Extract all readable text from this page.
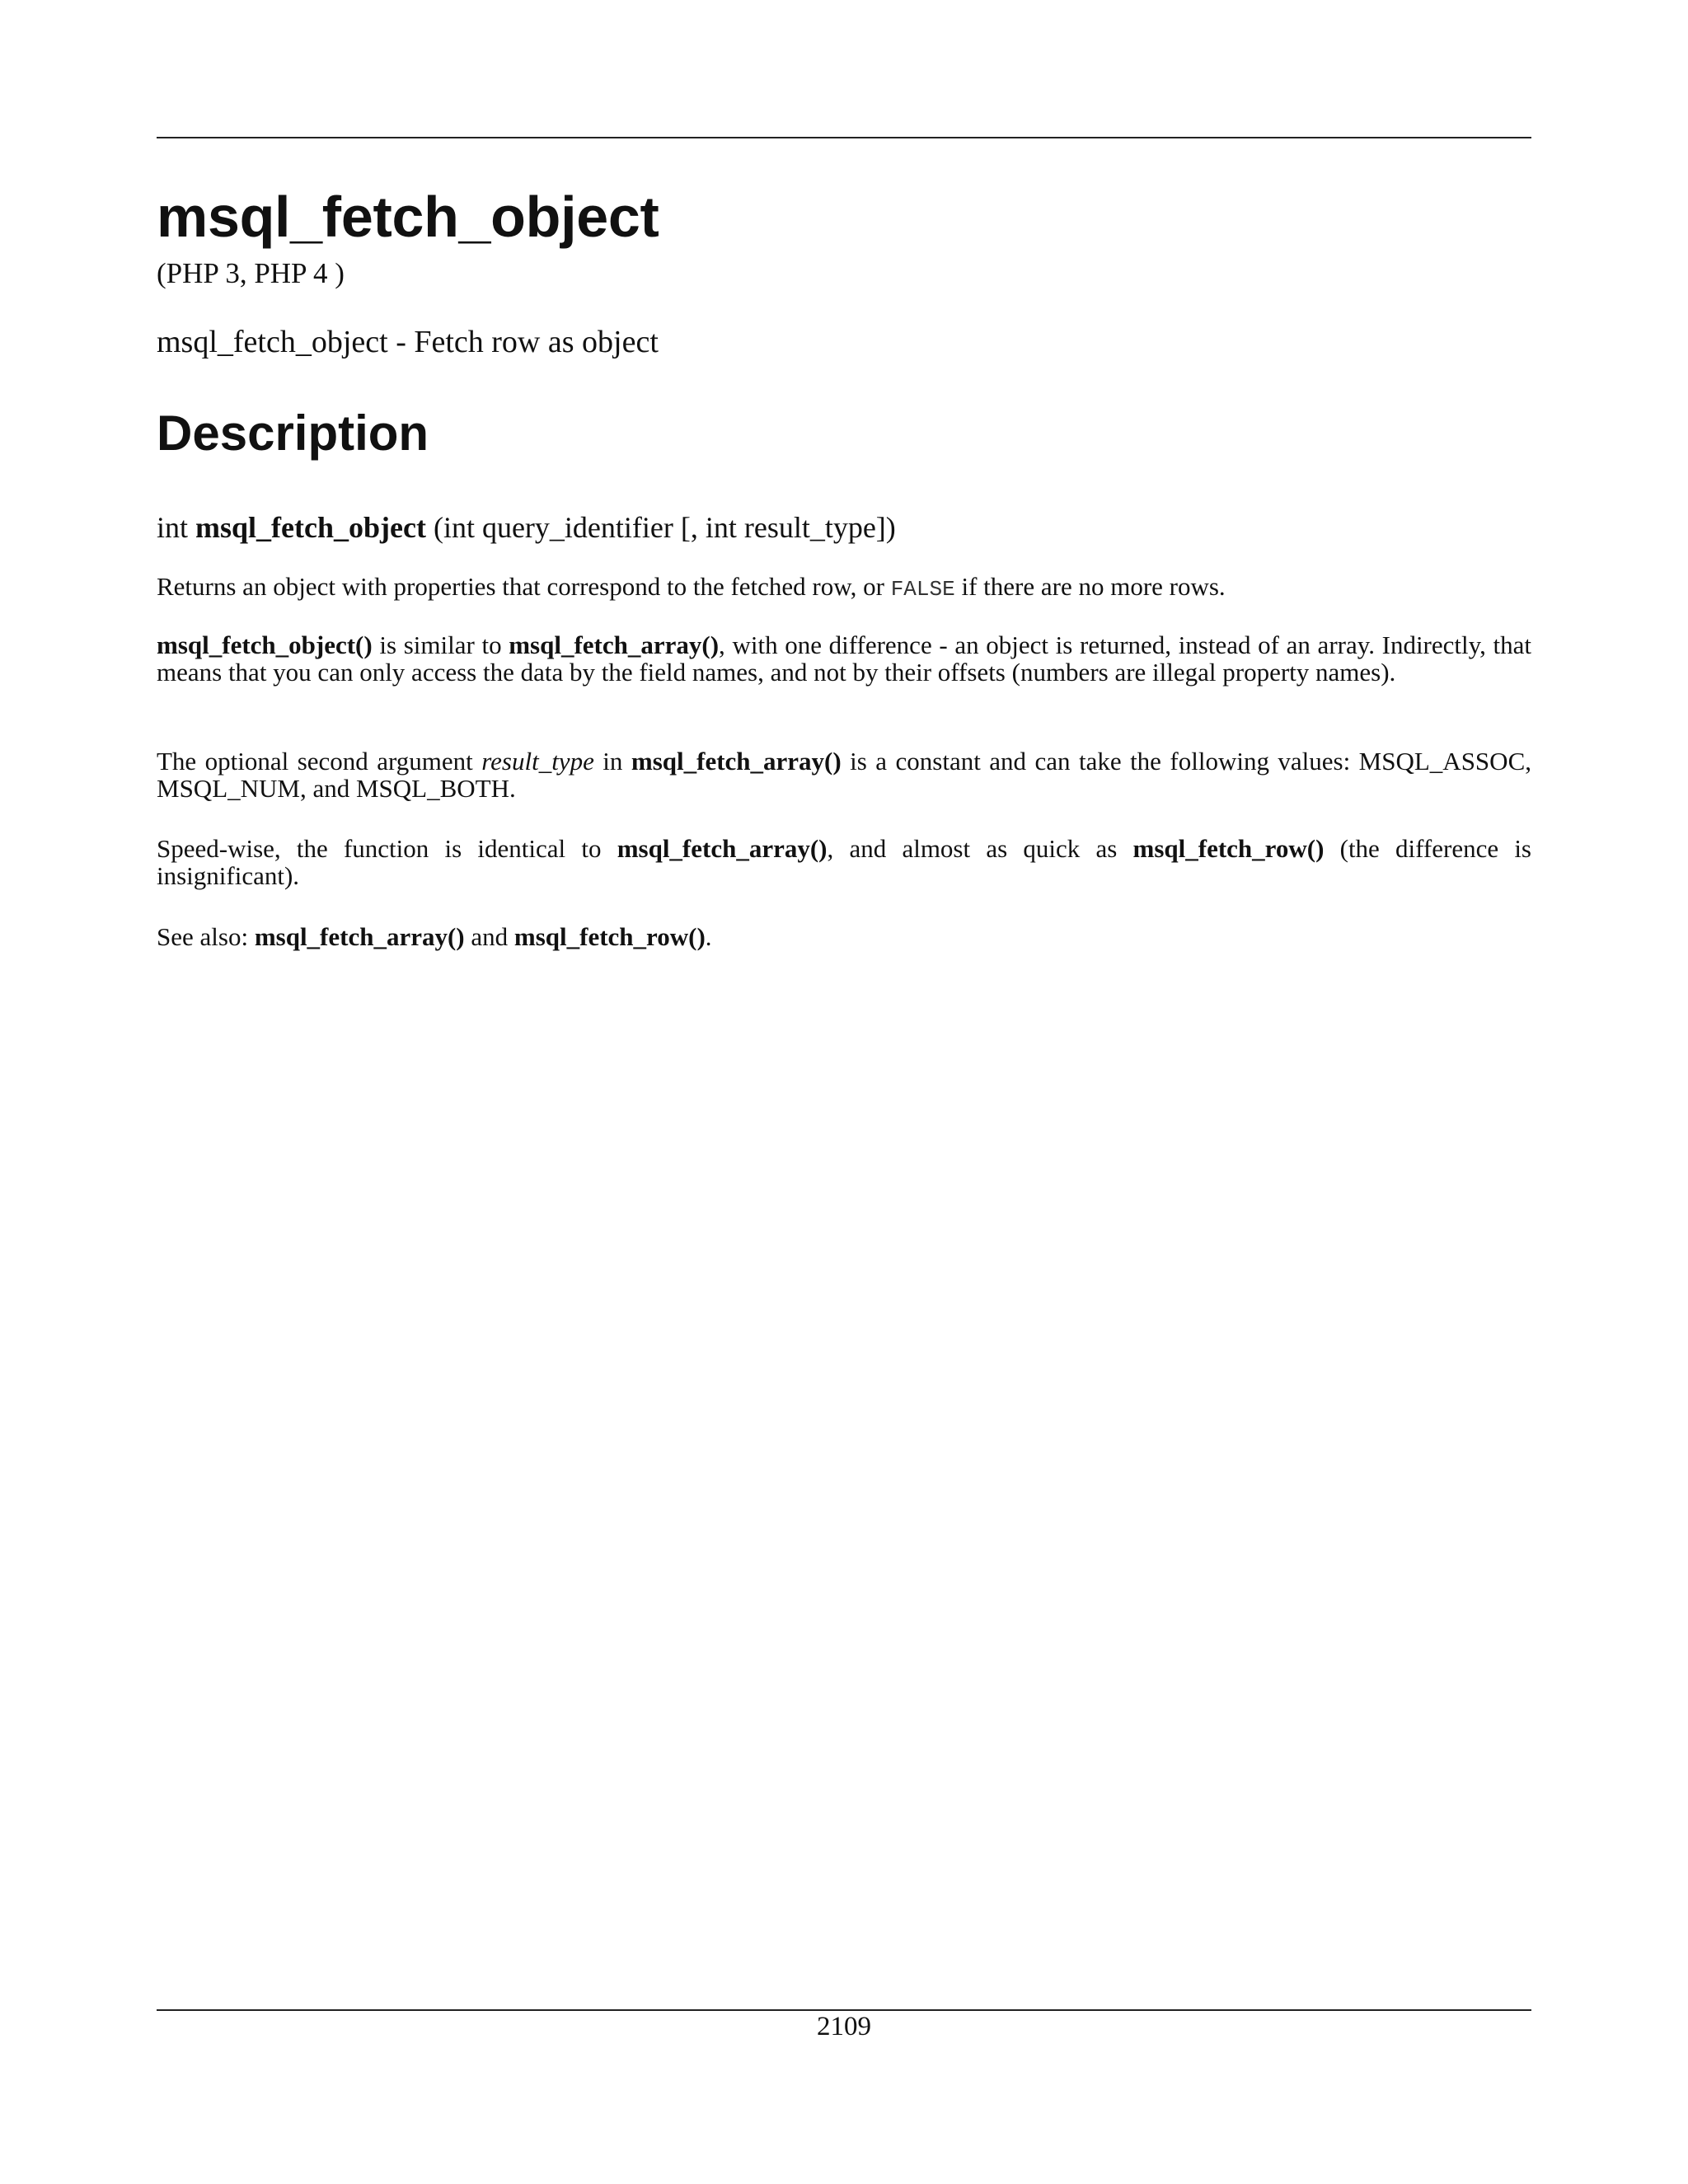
msql_fetch_object

(PHP 3, PHP 4 )

msql_fetch_object - Fetch row as object

Description

int msql_fetch_object (int query_identifier [, int result_type])

Returns an object with properties that correspond to the fetched row, or FALSE if there are no more rows.

msql_fetch_object() is similar to msql_fetch_array(), with one difference - an object is returned, instead of an array. Indirectly, that means that you can only access the data by the field names, and not by their offsets (numbers are illegal property names).

The optional second argument result_type in msql_fetch_array() is a constant and can take the following values: MSQL_ASSOC, MSQL_NUM, and MSQL_BOTH.

Speed-wise, the function is identical to msql_fetch_array(), and almost as quick as msql_fetch_row() (the difference is insignificant).

See also: msql_fetch_array() and msql_fetch_row().

2109
